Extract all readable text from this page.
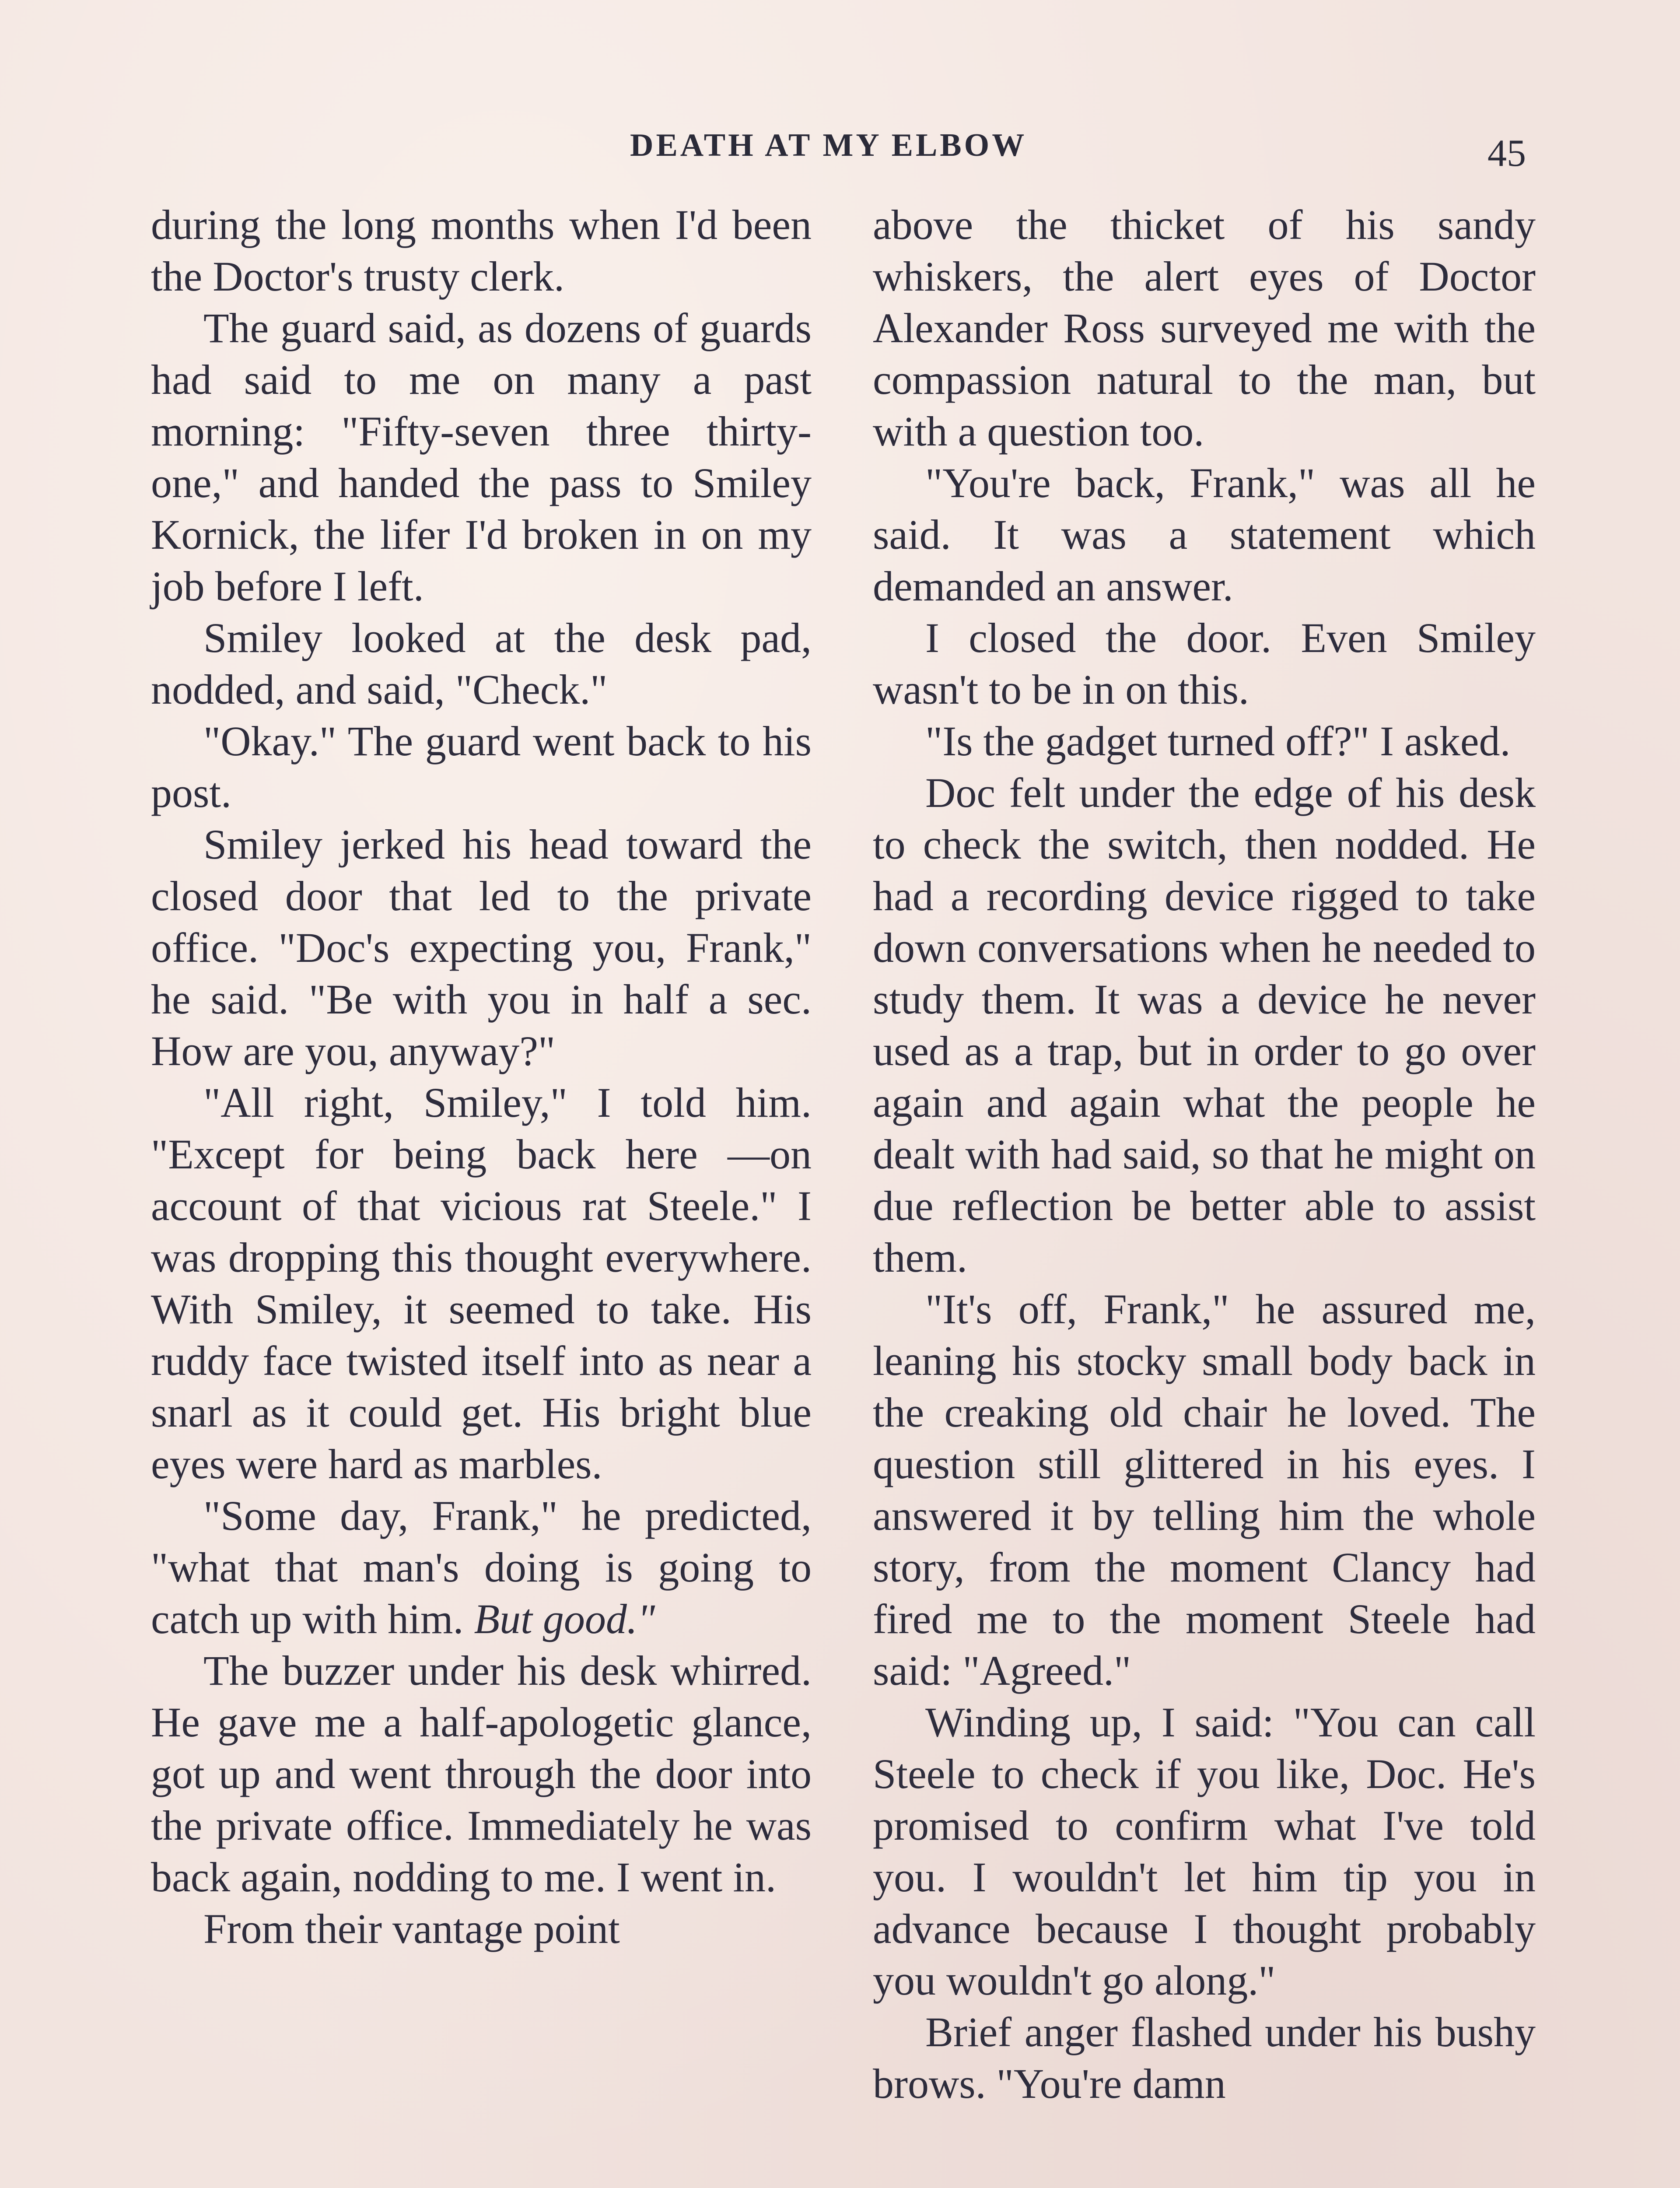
DEATH AT MY ELBOW	45

during the long months when I'd been the Doctor's trusty clerk.

The guard said, as dozens of guards had said to me on many a past morning: "Fifty-seven three thirty-one," and handed the pass to Smiley Kornick, the lifer I'd broken in on my job before I left.

Smiley looked at the desk pad, nodded, and said, "Check."

"Okay." The guard went back to his post.

Smiley jerked his head toward the closed door that led to the private office. "Doc's expecting you, Frank," he said. "Be with you in half a sec. How are you, anyway?"

"All right, Smiley," I told him. "Except for being back here —on account of that vicious rat Steele." I was dropping this thought everywhere. With Smiley, it seemed to take. His ruddy face twisted itself into as near a snarl as it could get. His bright blue eyes were hard as marbles.

"Some day, Frank," he predicted, "what that man's doing is going to catch up with him. But good."

The buzzer under his desk whirred. He gave me a half-apologetic glance, got up and went through the door into the private office. Immediately he was back again, nodding to me. I went in.

From their vantage point

above the thicket of his sandy whiskers, the alert eyes of Doctor Alexander Ross surveyed me with the compassion natural to the man, but with a question too.

"You're back, Frank," was all he said. It was a statement which demanded an answer.

I closed the door. Even Smiley wasn't to be in on this.

"Is the gadget turned off?" I asked.

Doc felt under the edge of his desk to check the switch, then nodded. He had a recording device rigged to take down conversations when he needed to study them. It was a device he never used as a trap, but in order to go over again and again what the people he dealt with had said, so that he might on due reflection be better able to assist them.

"It's off, Frank," he assured me, leaning his stocky small body back in the creaking old chair he loved. The question still glittered in his eyes. I answered it by telling him the whole story, from the moment Clancy had fired me to the moment Steele had said: "Agreed."

Winding up, I said: "You can call Steele to check if you like, Doc. He's promised to confirm what I've told you. I wouldn't let him tip you in advance because I thought probably you wouldn't go along."

Brief anger flashed under his bushy brows. "You're damn
